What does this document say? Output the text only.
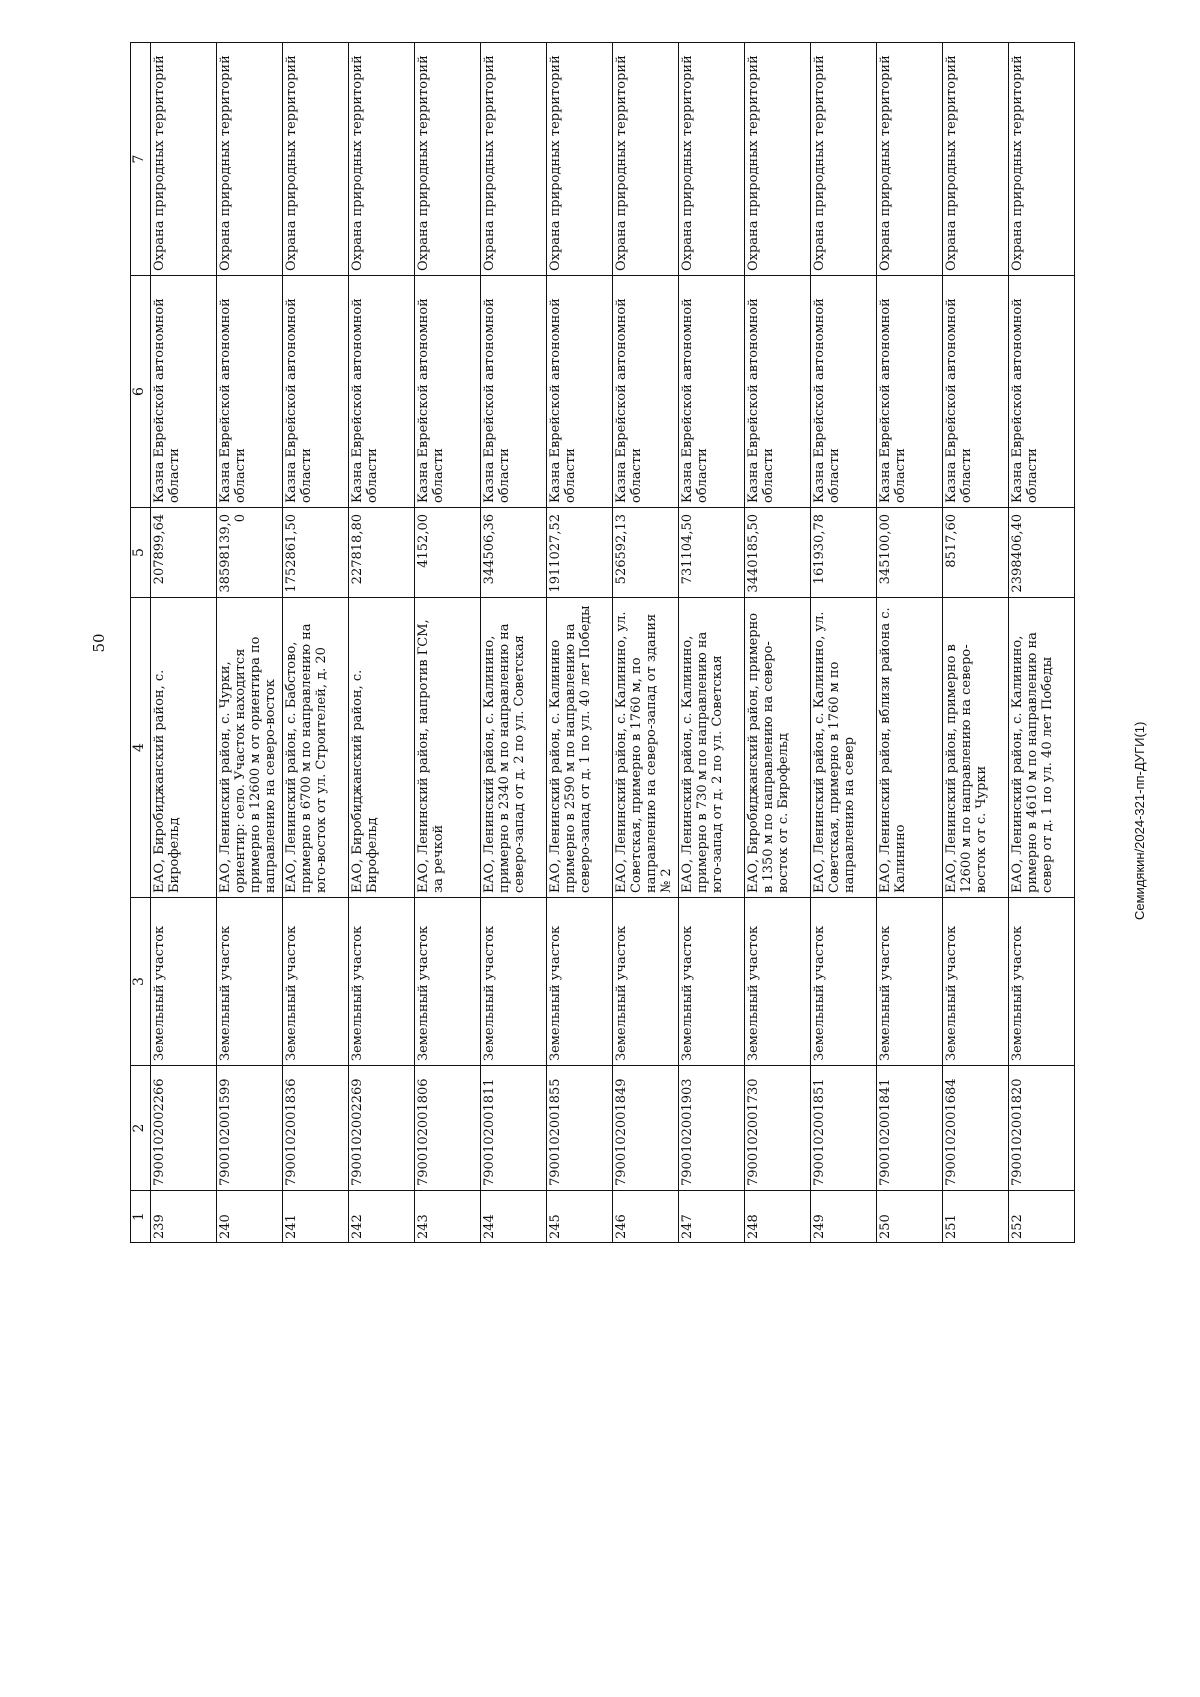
50
1	2	3	4	5	6	7
239	7900102002266	Земельный участок	ЕАО, Биробиджанский район, с. Бирофельд	207899,64	Казна Еврейской автономной области	Охрана природных территорий
240	7900102001599	Земельный участок	ЕАО, Ленинский район, с. Чурки, ориентир: село. Участок находится примерно в 12600 м от ориентира по направлению на северо-восток	38598139,00	Казна Еврейской автономной области	Охрана природных территорий
241	7900102001836	Земельный участок	ЕАО, Ленинский район, с. Бабстово, примерно в 6700 м по направлению на юго-восток от ул. Строителей, д. 20	1752861,50	Казна Еврейской автономной области	Охрана природных территорий
242	7900102002269	Земельный участок	ЕАО, Биробиджанский район, с. Бирофельд	227818,80	Казна Еврейской автономной области	Охрана природных территорий
243	7900102001806	Земельный участок	ЕАО, Ленинский район, напротив ГСМ, за речкой	4152,00	Казна Еврейской автономной области	Охрана природных территорий
244	7900102001811	Земельный участок	ЕАО, Ленинский район, с. Калинино, примерно в 2340 м по направлению на северо-запад от д. 2 по ул. Советская	344506,36	Казна Еврейской автономной области	Охрана природных территорий
245	7900102001855	Земельный участок	ЕАО, Ленинский район, с. Калинино примерно в 2590 м по направлению на северо-запад от д. 1 по ул. 40 лет Победы	1911027,52	Казна Еврейской автономной области	Охрана природных территорий
246	7900102001849	Земельный участок	ЕАО, Ленинский район, с. Калинино, ул. Советская, примерно в 1760 м, по направлению на северо-запад от здания № 2	526592,13	Казна Еврейской автономной области	Охрана природных территорий
247	7900102001903	Земельный участок	ЕАО, Ленинский район, с. Калинино, примерно в 730 м по направлению на юго-запад от д. 2 по ул. Советская	731104,50	Казна Еврейской автономной области	Охрана природных территорий
248	7900102001730	Земельный участок	ЕАО, Биробиджанский район, примерно в 1350 м по направлению на северо-восток от с. Бирофельд	3440185,50	Казна Еврейской автономной области	Охрана природных территорий
249	7900102001851	Земельный участок	ЕАО, Ленинский район, с. Калинино, ул. Советская, примерно в 1760 м по направлению на север	161930,78	Казна Еврейской автономной области	Охрана природных территорий
250	7900102001841	Земельный участок	ЕАО, Ленинский район, вблизи района с. Калинино	345100,00	Казна Еврейской автономной области	Охрана природных территорий
251	7900102001684	Земельный участок	ЕАО, Ленинский район, примерно в 12600 м по направлению на северо-восток от с. Чурки	8517,60	Казна Еврейской автономной области	Охрана природных территорий
252	7900102001820	Земельный участок	ЕАО, Ленинский район, с. Калинино, римерно в 4610 м по направлению на север от д. 1 по ул. 40 лет Победы	2398406,40	Казна Еврейской автономной области	Охрана природных территорий
Семидякин/2024-321-пп-ДУГИ(1)
